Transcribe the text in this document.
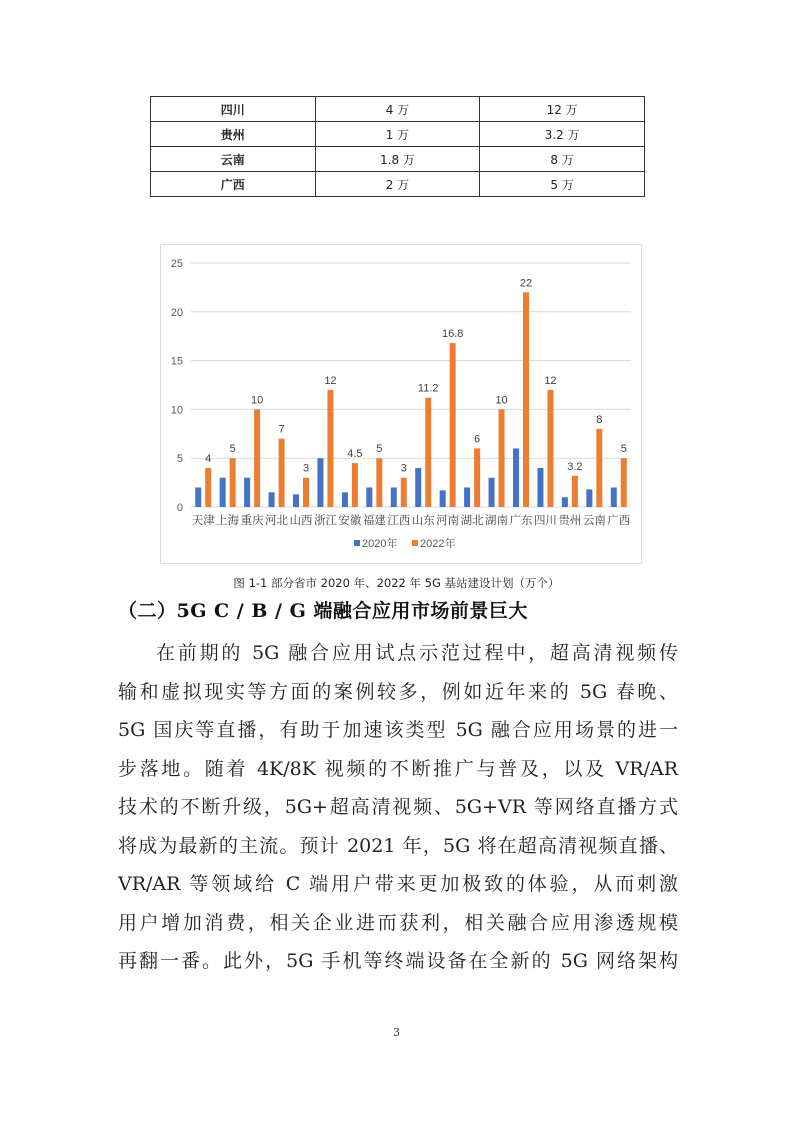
四川	4 万	12 万
贵州	1 万	3.2 万
云南	1.8 万	8 万
广西	2 万	5 万
0
5
10
15
20
25
4
天津
5
上海
10
重庆
7
河北
3
山西
12
浙江
4.5
安徽
5
福建
3
江西
11.2
山东
16.8
河南
6
湖北
10
湖南
22
广东
12
四川
3.2
贵州
8
云南
5
广西
2020年 2022年
图 1-1 部分省市 2020 年、2022 年 5G 基站建设计划（万个）
（二）5G C / B / G 端融合应用市场前景巨大
在前期的 5G 融合应用试点示范过程中，超高清视频传
输和虚拟现实等方面的案例较多，例如近年来的 5G 春晚、
5G 国庆等直播，有助于加速该类型 5G 融合应用场景的进一
步落地。随着 4K/8K 视频的不断推广与普及，以及 VR/AR
技术的不断升级，5G+超高清视频、5G+VR 等网络直播方式
将成为最新的主流。预计 2021 年，5G 将在超高清视频直播、
VR/AR 等领域给 C 端用户带来更加极致的体验，从而刺激
用户增加消费，相关企业进而获利，相关融合应用渗透规模
再翻一番。此外，5G 手机等终端设备在全新的 5G 网络架构
3
